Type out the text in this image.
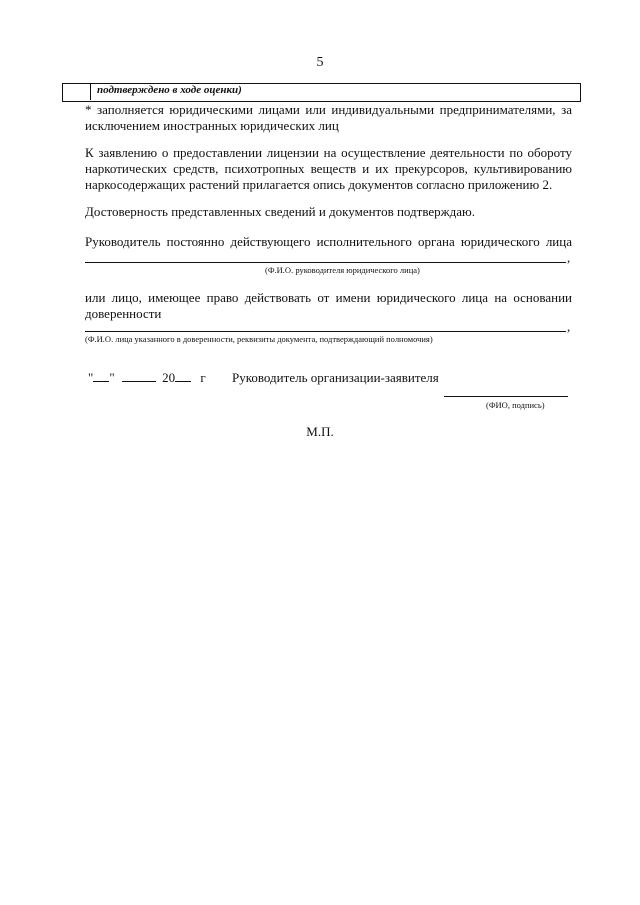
5
подтверждено в ходе оценки)
* заполняется юридическими лицами или индивидуальными предпринимателями, за исключением иностранных юридических лиц
К заявлению о предоставлении лицензии на осуществление деятельности по обороту наркотических средств, психотропных веществ и их прекурсоров, культивированию наркосодержащих растений прилагается опись документов согласно приложению 2.
Достоверность представленных сведений и документов подтверждаю.
Руководитель постоянно действующего исполнительного органа юридического лица
,
(Ф.И.О. руководителя юридического лица)
или лицо, имеющее право действовать от имени юридического лица на основании доверенности
,
(Ф.И.О. лица указанного в доверенности, реквизиты документа, подтверждающий полномочия)
" "	20 г Руководитель организации-заявителя
(ФИО, подпись)
М.П.
